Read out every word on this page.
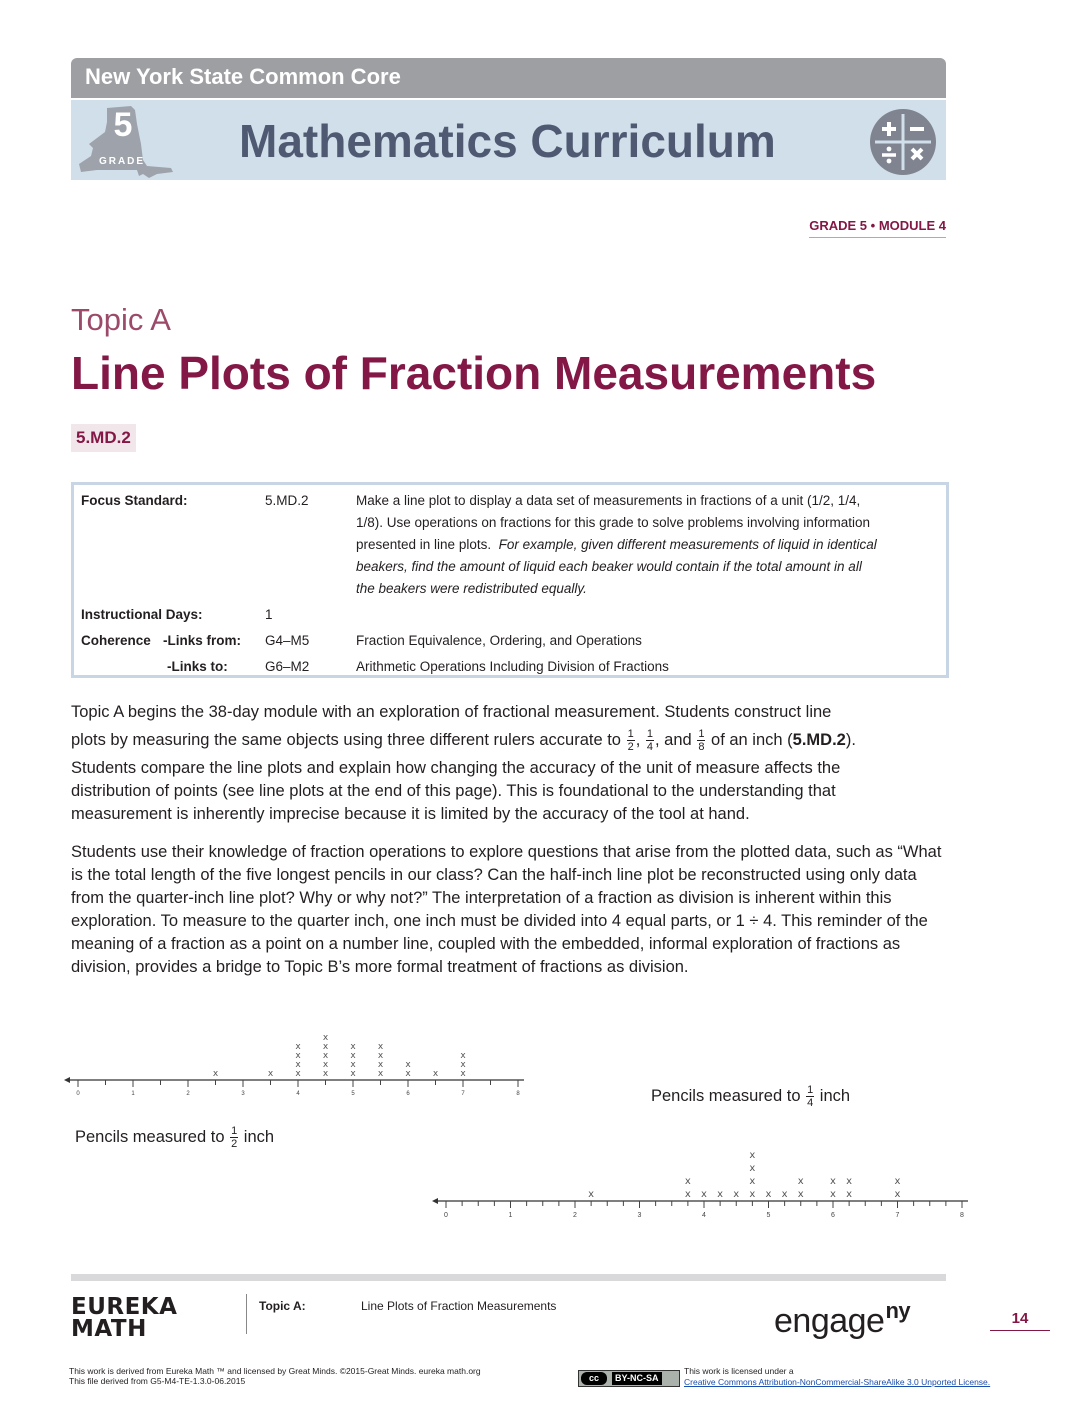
New York State Common Core
5
GRADE Mathematics Curriculum
GRADE 5 • MODULE 4
Topic A
Line Plots of Fraction Measurements
5.MD.2
Focus Standard:	5.MD.2	Make a line plot to display a data set of measurements in fractions of a unit (1/2, 1/4,
1/8). Use operations on fractions for this grade to solve problems involving information
presented in line plots.  For example, given different measurements of liquid in identical
beakers, find the amount of liquid each beaker would contain if the total amount in all
the beakers were redistributed equally.
Instructional Days:	1
Coherence -Links from: G4–M5	Fraction Equivalence, Ordering, and Operations
-Links to:	G6–M2	Arithmetic Operations Including Division of Fractions
Topic A begins the 38-day module with an exploration of fractional measurement. Students construct line
plots by measuring the same objects using three different rulers accurate to $\frac{1}{2}$ , $\frac{1}{4}$ , and $\frac{1}{8}$ of an inch (5.MD.2).
Students compare the line plots and explain how changing the accuracy of the unit of measure affects the distribution of points (see line plots at the end of this page). This is foundational to the understanding that measurement is inherently imprecise because it is limited by the accuracy of the tool at hand.
Students use their knowledge of fraction operations to explore questions that arise from the plotted data, such as “What is the total length of the five longest pencils in our class? Can the half-inch line plot be reconstructed using only data from the quarter-inch line plot? Why or why not?” The interpretation of a fraction as division is inherent within this exploration. To measure to the quarter inch, one inch must be divided into 4 equal parts, or 1 ÷ 4. This reminder of the meaning of a fraction as a point on a number line, coupled with the embedded, informal exploration of fractions as division, provides a bridge to Topic B’s more formal treatment of fractions as division.
0	1	2	3	4	5	6	7	8
x	x x
x
x
x
x
x
x
x
x
x
x
x
x
x
x
x
x
x
x
x x
x
x
0	1	2	3	4	5	6	7	8
x	x
x
x x x x
x
x
x
x x x
x
x
x
x
x
x
x
Pencils measured to $\frac{1}{2}$ inch
Pencils measured to $\frac{1}{4}$ inch
EUREKA
MATH
Topic A:	Line Plots of Fraction Measurements	engage$^{ny}$	14
This work is derived from Eureka Math ™ and licensed by Great Minds. ©2015-Great Minds. eureka math.org
This file derived from G5-M4-TE-1.3.0-06.2015	cc	BY-NC-SA
This work is licensed under a
Creative Commons Attribution-NonCommercial-ShareAlike 3.0 Unported License.
